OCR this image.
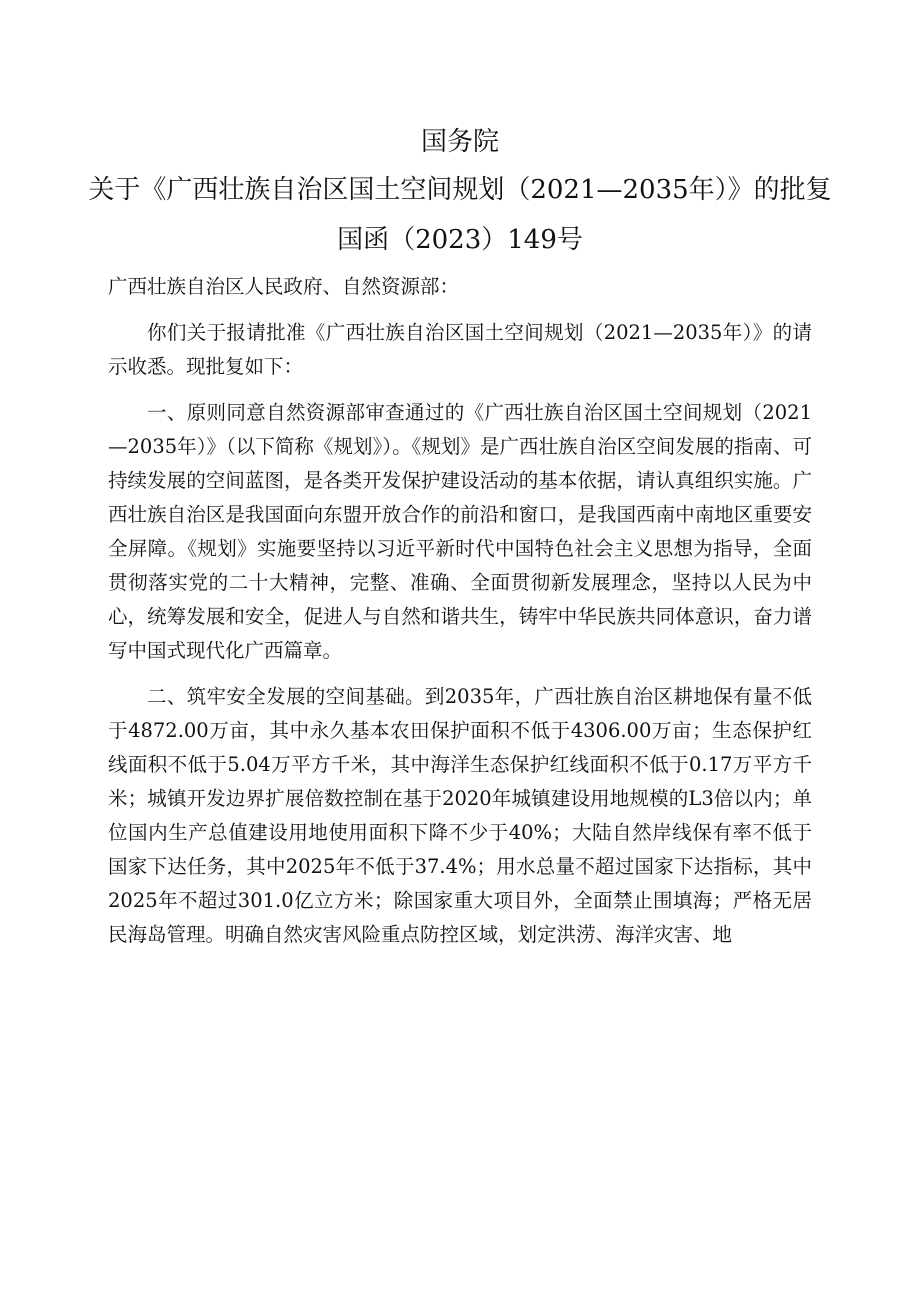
国务院
关于《广西壮族自治区国土空间规划（2021—2035年）》的批复
国函（2023）149号

广西壮族自治区人民政府、自然资源部：

你们关于报请批准《广西壮族自治区国土空间规划（2021—2035年）》的请示收悉。现批复如下：

一、原则同意自然资源部审查通过的《广西壮族自治区国土空间规划（2021—2035年）》（以下简称《规划》）。《规划》是广西壮族自治区空间发展的指南、可持续发展的空间蓝图，是各类开发保护建设活动的基本依据，请认真组织实施。广西壮族自治区是我国面向东盟开放合作的前沿和窗口，是我国西南中南地区重要安全屏障。《规划》实施要坚持以习近平新时代中国特色社会主义思想为指导，全面贯彻落实党的二十大精神，完整、准确、全面贯彻新发展理念，坚持以人民为中心，统筹发展和安全，促进人与自然和谐共生，铸牢中华民族共同体意识，奋力谱写中国式现代化广西篇章。

二、筑牢安全发展的空间基础。到2035年，广西壮族自治区耕地保有量不低于4872.00万亩，其中永久基本农田保护面积不低于4306.00万亩；生态保护红线面积不低于5.04万平方千米，其中海洋生态保护红线面积不低于0.17万平方千米；城镇开发边界扩展倍数控制在基于2020年城镇建设用地规模的L3倍以内；单位国内生产总值建设用地使用面积下降不少于40%；大陆自然岸线保有率不低于国家下达任务，其中2025年不低于37.4%；用水总量不超过国家下达指标，其中2025年不超过301.0亿立方米；除国家重大项目外，全面禁止围填海；严格无居民海岛管理。明确自然灾害风险重点防控区域，划定洪涝、海洋灾害、地
